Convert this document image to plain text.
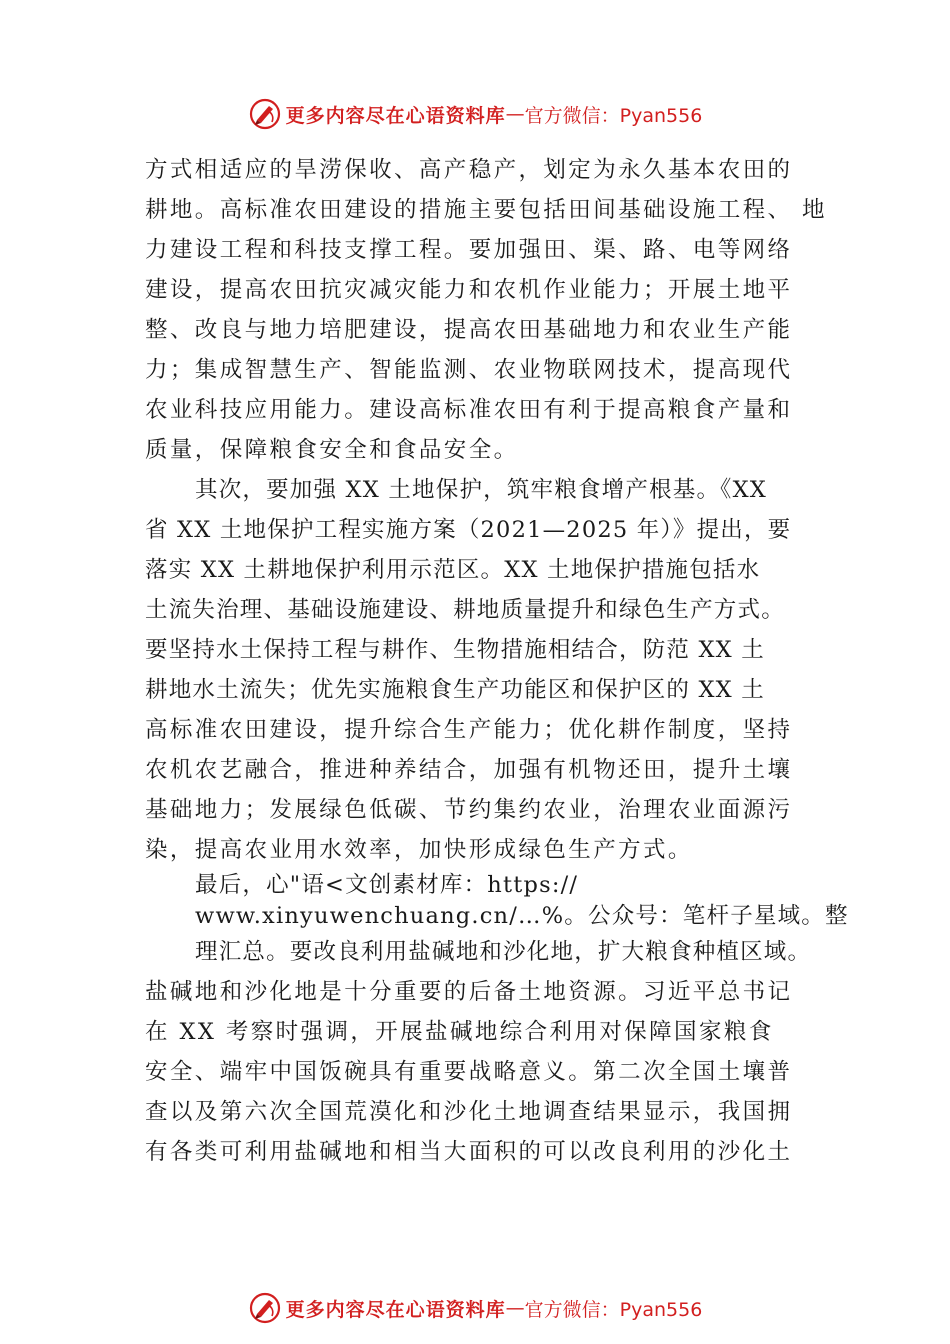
更多内容尽在心语资料库 — 官方微信：Pyan556
方式相适应的旱涝保收、高产稳产，划定为永久基本农田的
耕地。高标准农田建设的措施主要包括田间基础设施工程、 地
力建设工程和科技支撑工程。要加强田、渠、路、电等网络
建设，提高农田抗灾减灾能力和农机作业能力；开展土地平
整、改良与地力培肥建设，提高农田基础地力和农业生产能
力；集成智慧生产、智能监测、农业物联网技术，提高现代
农业科技应用能力。建设高标准农田有利于提高粮食产量和
质量，保障粮食安全和食品安全。
其次，要加强 XX 土地保护，筑牢粮食增产根基。《XX
省 XX 土地保护工程实施方案（2021—2025 年）》提出，要
落实 XX 土耕地保护利用示范区。XX 土地保护措施包括水
土流失治理、基础设施建设、耕地质量提升和绿色生产方式。
要坚持水土保持工程与耕作、生物措施相结合，防范 XX 土
耕地水土流失；优先实施粮食生产功能区和保护区的 XX 土
高标准农田建设，提升综合生产能力；优化耕作制度，坚持
农机农艺融合，推进种养结合，加强有机物还田，提升土壤
基础地力；发展绿色低碳、节约集约农业，治理农业面源污
染，提高农业用水效率，加快形成绿色生产方式。
最后，心"语<文创素材库：https://
www.xinyuwenchuang.cn/…%。公众号：笔杆子星域。整
理汇总。要改良利用盐碱地和沙化地，扩大粮食种植区域。
盐碱地和沙化地是十分重要的后备土地资源。习近平总书记
在 XX 考察时强调，开展盐碱地综合利用对保障国家粮食
安全、端牢中国饭碗具有重要战略意义。第二次全国土壤普
查以及第六次全国荒漠化和沙化土地调查结果显示，我国拥
有各类可利用盐碱地和相当大面积的可以改良利用的沙化土
更多内容尽在心语资料库 — 官方微信：Pyan556
